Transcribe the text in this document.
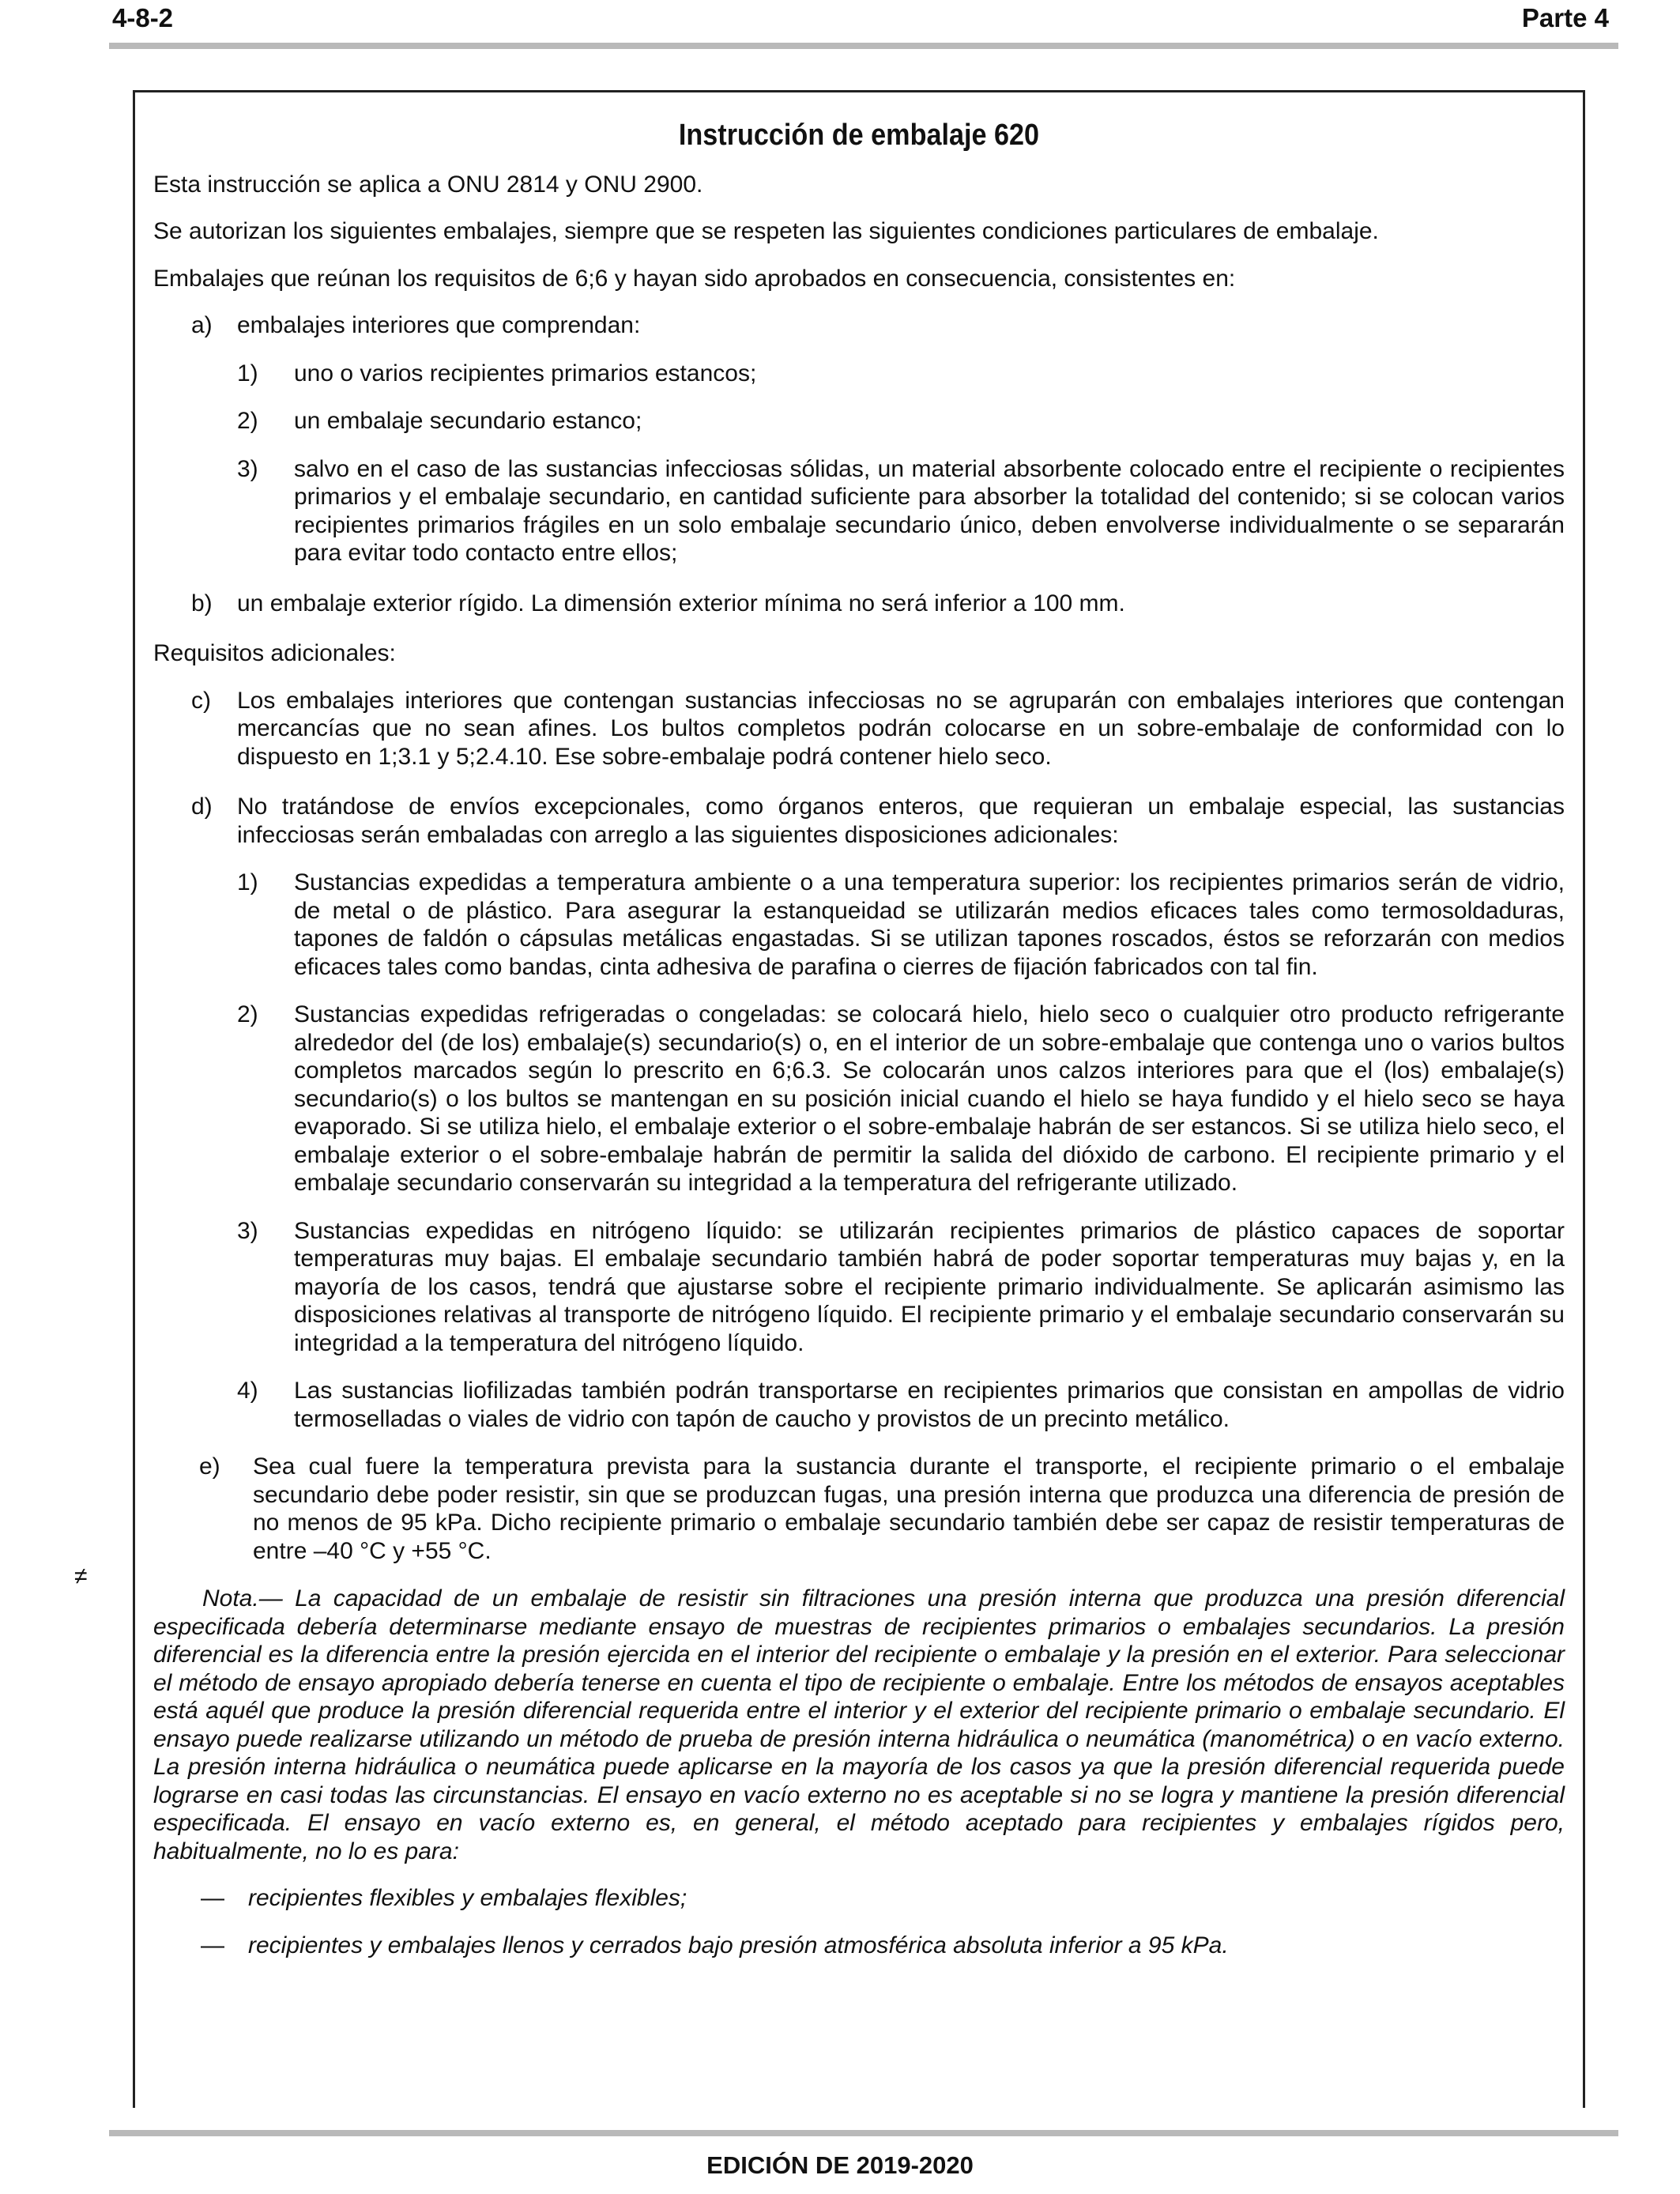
4-8-2	Parte 4
≠
Instrucción de embalaje 620

Esta instrucción se aplica a ONU 2814 y ONU 2900.

Se autorizan los siguientes embalajes, siempre que se respeten las siguientes condiciones particulares de embalaje.

Embalajes que reúnan los requisitos de 6;6 y hayan sido aprobados en consecuencia, consistentes en:

a) embalajes interiores que comprendan:
1) uno o varios recipientes primarios estancos;
2) un embalaje secundario estanco;
3) salvo en el caso de las sustancias infecciosas sólidas, un material absorbente colocado entre el recipiente o recipientes primarios y el embalaje secundario, en cantidad suficiente para absorber la totalidad del contenido; si se colocan varios recipientes primarios frágiles en un solo embalaje secundario único, deben envolverse individualmente o se separarán para evitar todo contacto entre ellos;
b) un embalaje exterior rígido. La dimensión exterior mínima no será inferior a 100 mm.

Requisitos adicionales:

c) Los embalajes interiores que contengan sustancias infecciosas no se agruparán con embalajes interiores que contengan mercancías que no sean afines. Los bultos completos podrán colocarse en un sobre-embalaje de conformidad con lo dispuesto en 1;3.1 y 5;2.4.10. Ese sobre-embalaje podrá contener hielo seco.
d) No tratándose de envíos excepcionales, como órganos enteros, que requieran un embalaje especial, las sustancias infecciosas serán embaladas con arreglo a las siguientes disposiciones adicionales:
1) Sustancias expedidas a temperatura ambiente o a una temperatura superior: los recipientes primarios serán de vidrio, de metal o de plástico. Para asegurar la estanqueidad se utilizarán medios eficaces tales como termosoldaduras, tapones de faldón o cápsulas metálicas engastadas. Si se utilizan tapones roscados, éstos se reforzarán con medios eficaces tales como bandas, cinta adhesiva de parafina o cierres de fijación fabricados con tal fin.
2) Sustancias expedidas refrigeradas o congeladas: se colocará hielo, hielo seco o cualquier otro producto refrigerante alrededor del (de los) embalaje(s) secundario(s) o, en el interior de un sobre-embalaje que contenga uno o varios bultos completos marcados según lo prescrito en 6;6.3. Se colocarán unos calzos interiores para que el (los) embalaje(s) secundario(s) o los bultos se mantengan en su posición inicial cuando el hielo se haya fundido y el hielo seco se haya evaporado. Si se utiliza hielo, el embalaje exterior o el sobre-embalaje habrán de ser estancos. Si se utiliza hielo seco, el embalaje exterior o el sobre-embalaje habrán de permitir la salida del dióxido de carbono. El recipiente primario y el embalaje secundario conservarán su integridad a la temperatura del refrigerante utilizado.
3) Sustancias expedidas en nitrógeno líquido: se utilizarán recipientes primarios de plástico capaces de soportar temperaturas muy bajas. El embalaje secundario también habrá de poder soportar temperaturas muy bajas y, en la mayoría de los casos, tendrá que ajustarse sobre el recipiente primario individualmente. Se aplicarán asimismo las disposiciones relativas al transporte de nitrógeno líquido. El recipiente primario y el embalaje secundario conservarán su integridad a la temperatura del nitrógeno líquido.
4) Las sustancias liofilizadas también podrán transportarse en recipientes primarios que consistan en ampollas de vidrio termoselladas o viales de vidrio con tapón de caucho y provistos de un precinto metálico.
e) Sea cual fuere la temperatura prevista para la sustancia durante el transporte, el recipiente primario o el embalaje secundario debe poder resistir, sin que se produzcan fugas, una presión interna que produzca una diferencia de presión de no menos de 95 kPa. Dicho recipiente primario o embalaje secundario también debe ser capaz de resistir temperaturas de entre –40 °C y +55 °C.

Nota.— La capacidad de un embalaje de resistir sin filtraciones una presión interna que produzca una presión diferencial especificada debería determinarse mediante ensayo de muestras de recipientes primarios o embalajes secundarios. La presión diferencial es la diferencia entre la presión ejercida en el interior del recipiente o embalaje y la presión en el exterior. Para seleccionar el método de ensayo apropiado debería tenerse en cuenta el tipo de recipiente o embalaje. Entre los métodos de ensayos aceptables está aquél que produce la presión diferencial requerida entre el interior y el exterior del recipiente primario o embalaje secundario. El ensayo puede realizarse utilizando un método de prueba de presión interna hidráulica o neumática (manométrica) o en vacío externo. La presión interna hidráulica o neumática puede aplicarse en la mayoría de los casos ya que la presión diferencial requerida puede lograrse en casi todas las circunstancias. El ensayo en vacío externo no es aceptable si no se logra y mantiene la presión diferencial especificada. El ensayo en vacío externo es, en general, el método aceptado para recipientes y embalajes rígidos pero, habitualmente, no lo es para:

— recipientes flexibles y embalajes flexibles;
— recipientes y embalajes llenos y cerrados bajo presión atmosférica absoluta inferior a 95 kPa.
EDICIÓN DE 2019-2020
